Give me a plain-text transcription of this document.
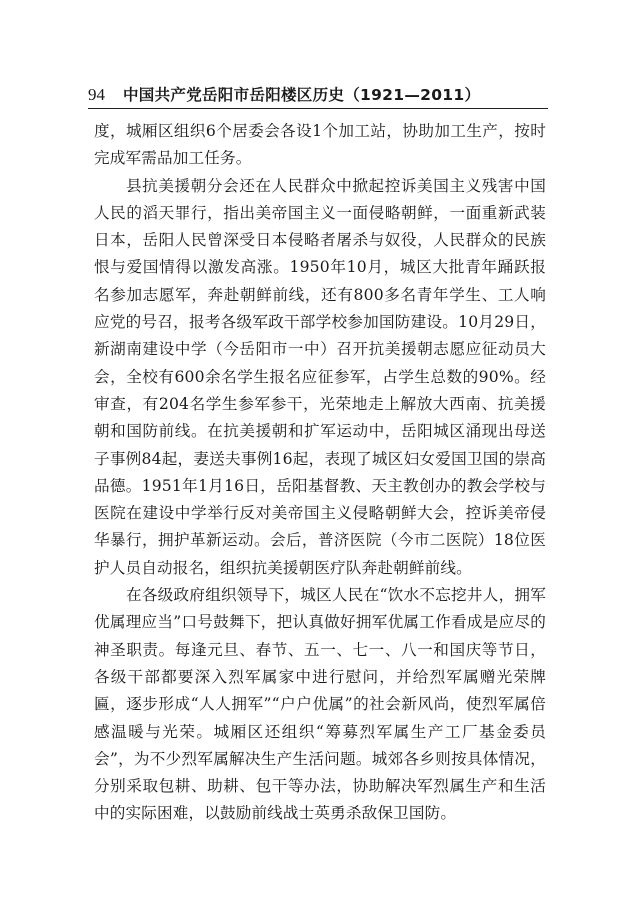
94 中国共产党岳阳市岳阳楼区历史（1921—2011）

度，城厢区组织6个居委会各设1个加工站，协助加工生产，按时完成军需品加工任务。

县抗美援朝分会还在人民群众中掀起控诉美国主义残害中国人民的滔天罪行，指出美帝国主义一面侵略朝鲜，一面重新武装日本，岳阳人民曾深受日本侵略者屠杀与奴役，人民群众的民族恨与爱国情得以激发高涨。1950年10月，城区大批青年踊跃报名参加志愿军，奔赴朝鲜前线，还有800多名青年学生、工人响应党的号召，报考各级军政干部学校参加国防建设。10月29日，新湖南建设中学（今岳阳市一中）召开抗美援朝志愿应征动员大会，全校有600余名学生报名应征参军，占学生总数的90%。经审查，有204名学生参军参干，光荣地走上解放大西南、抗美援朝和国防前线。在抗美援朝和扩军运动中，岳阳城区涌现出母送子事例84起，妻送夫事例16起，表现了城区妇女爱国卫国的崇高品德。1951年1月16日，岳阳基督教、天主教创办的教会学校与医院在建设中学举行反对美帝国主义侵略朝鲜大会，控诉美帝侵华暴行，拥护革新运动。会后，普济医院（今市二医院）18位医护人员自动报名，组织抗美援朝医疗队奔赴朝鲜前线。

在各级政府组织领导下，城区人民在“饮水不忘挖井人，拥军优属理应当”口号鼓舞下，把认真做好拥军优属工作看成是应尽的神圣职责。每逢元旦、春节、五一、七一、八一和国庆等节日，各级干部都要深入烈军属家中进行慰问，并给烈军属赠光荣牌匾，逐步形成“人人拥军”“户户优属”的社会新风尚，使烈军属倍感温暖与光荣。城厢区还组织“筹募烈军属生产工厂基金委员会”，为不少烈军属解决生产生活问题。城郊各乡则按具体情况，分别采取包耕、助耕、包干等办法，协助解决军烈属生产和生活中的实际困难，以鼓励前线战士英勇杀敌保卫国防。
